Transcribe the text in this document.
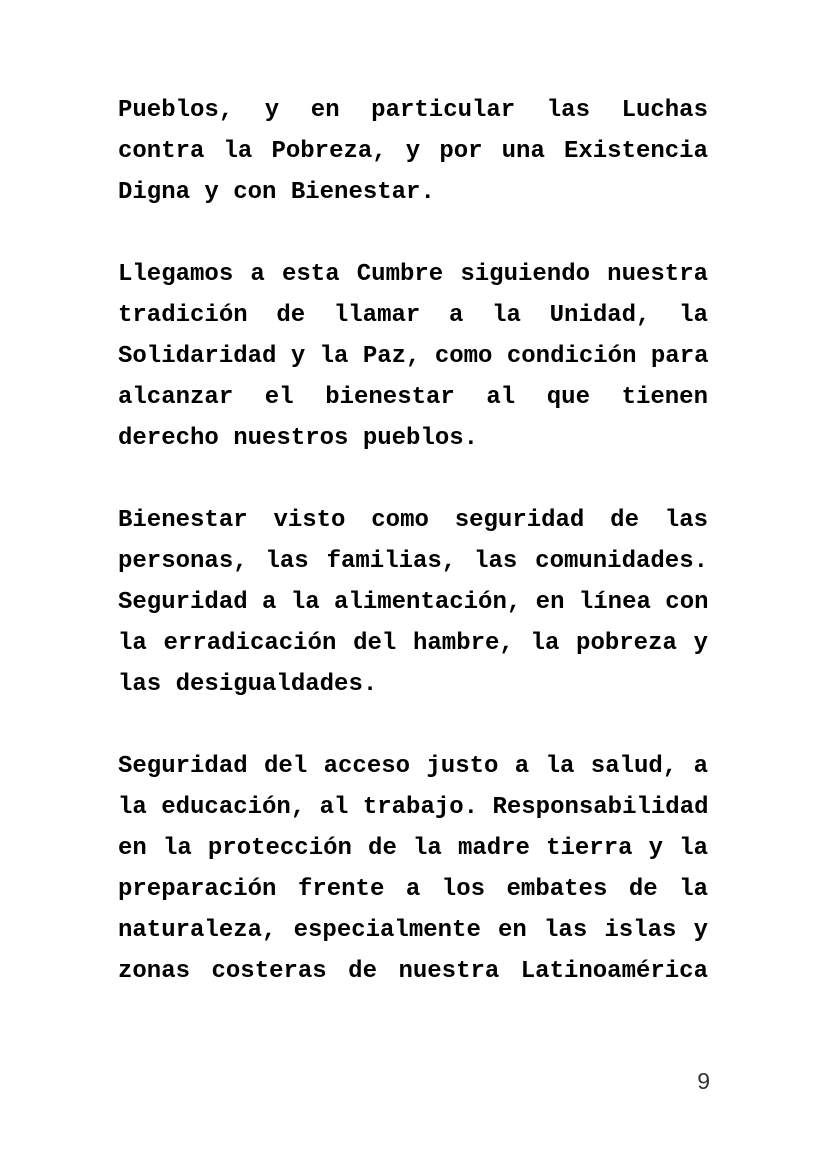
Pueblos, y en particular las Luchas
contra la Pobreza, y por una Existencia
Digna y con Bienestar.
Llegamos a esta Cumbre siguiendo nuestra
tradición de llamar a la Unidad, la
Solidaridad y la Paz, como condición para
alcanzar el bienestar al que tienen
derecho nuestros pueblos.
Bienestar visto como seguridad de las
personas, las familias, las comunidades.
Seguridad a la alimentación, en línea con
la erradicación del hambre, la pobreza y
las desigualdades.
Seguridad del acceso justo a la salud, a
la educación, al trabajo. Responsabilidad
en la protección de la madre tierra y la
preparación frente a los embates de la
naturaleza, especialmente en las islas y
zonas costeras de nuestra Latinoamérica
9
